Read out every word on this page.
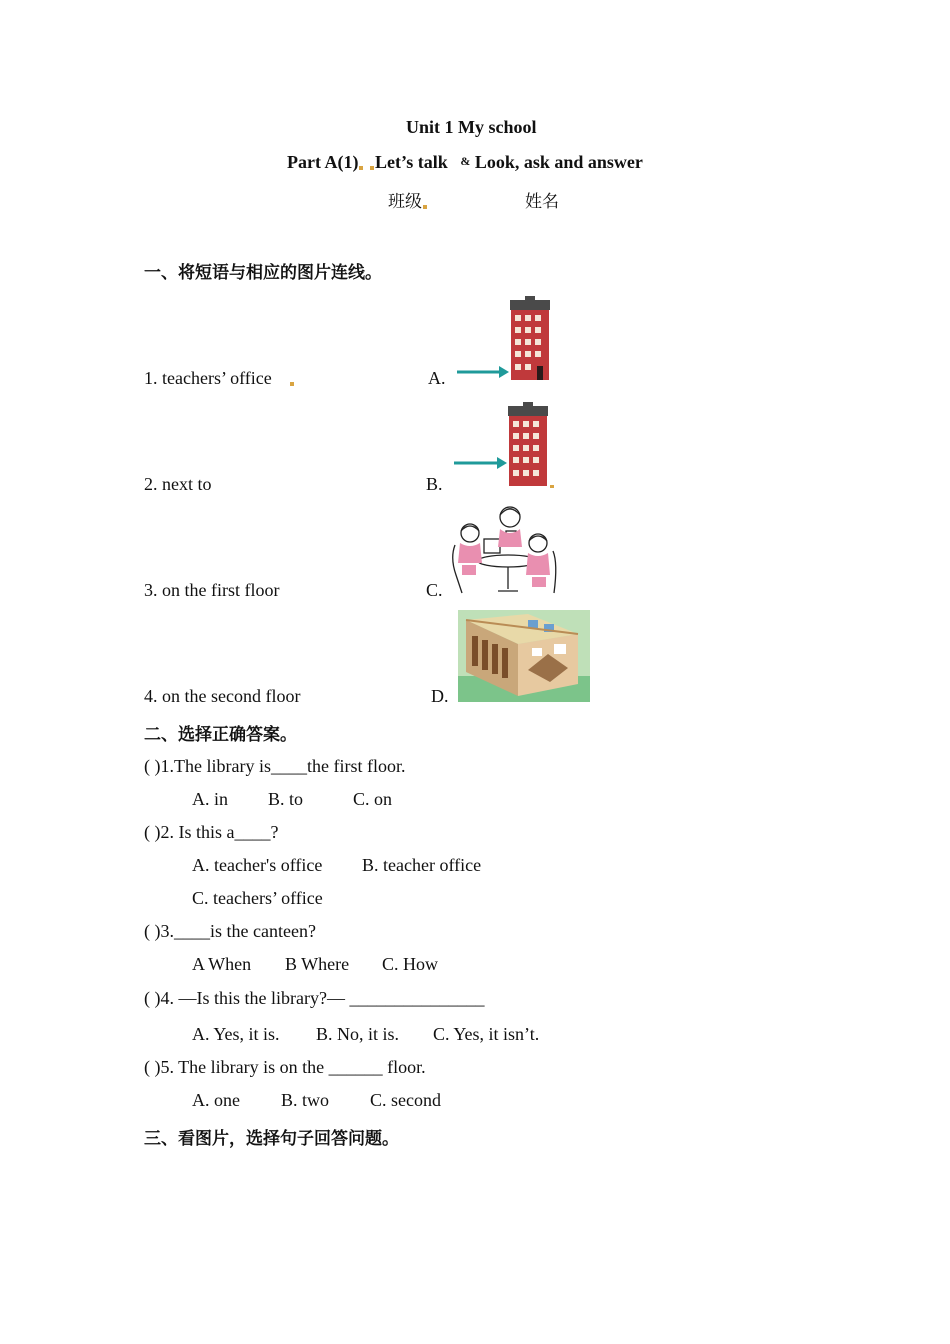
Unit 1 My school
Part A(1) Let’s talk & Look, ask and answer
班级	姓名
一、将短语与相应的图片连线。
1. teachers’ office	A.
2. next to	B.
3. on the first floor	C.
4. on the second floor	D.
二、选择正确答案。
( )1.The library is____the first floor.
A. in B. to	C. on
( )2. Is this a____?
A. teacher's office B. teacher office
C. teachers’ office
( )3.____is the canteen?
A When B Where C. How
( )4. —Is this the library?— _______________
A. Yes, it is. B. No, it is. C. Yes, it isn’t.
( )5. The library is on the ______ floor.
A. one B. two C. second
三、看图片，选择句子回答问题。
